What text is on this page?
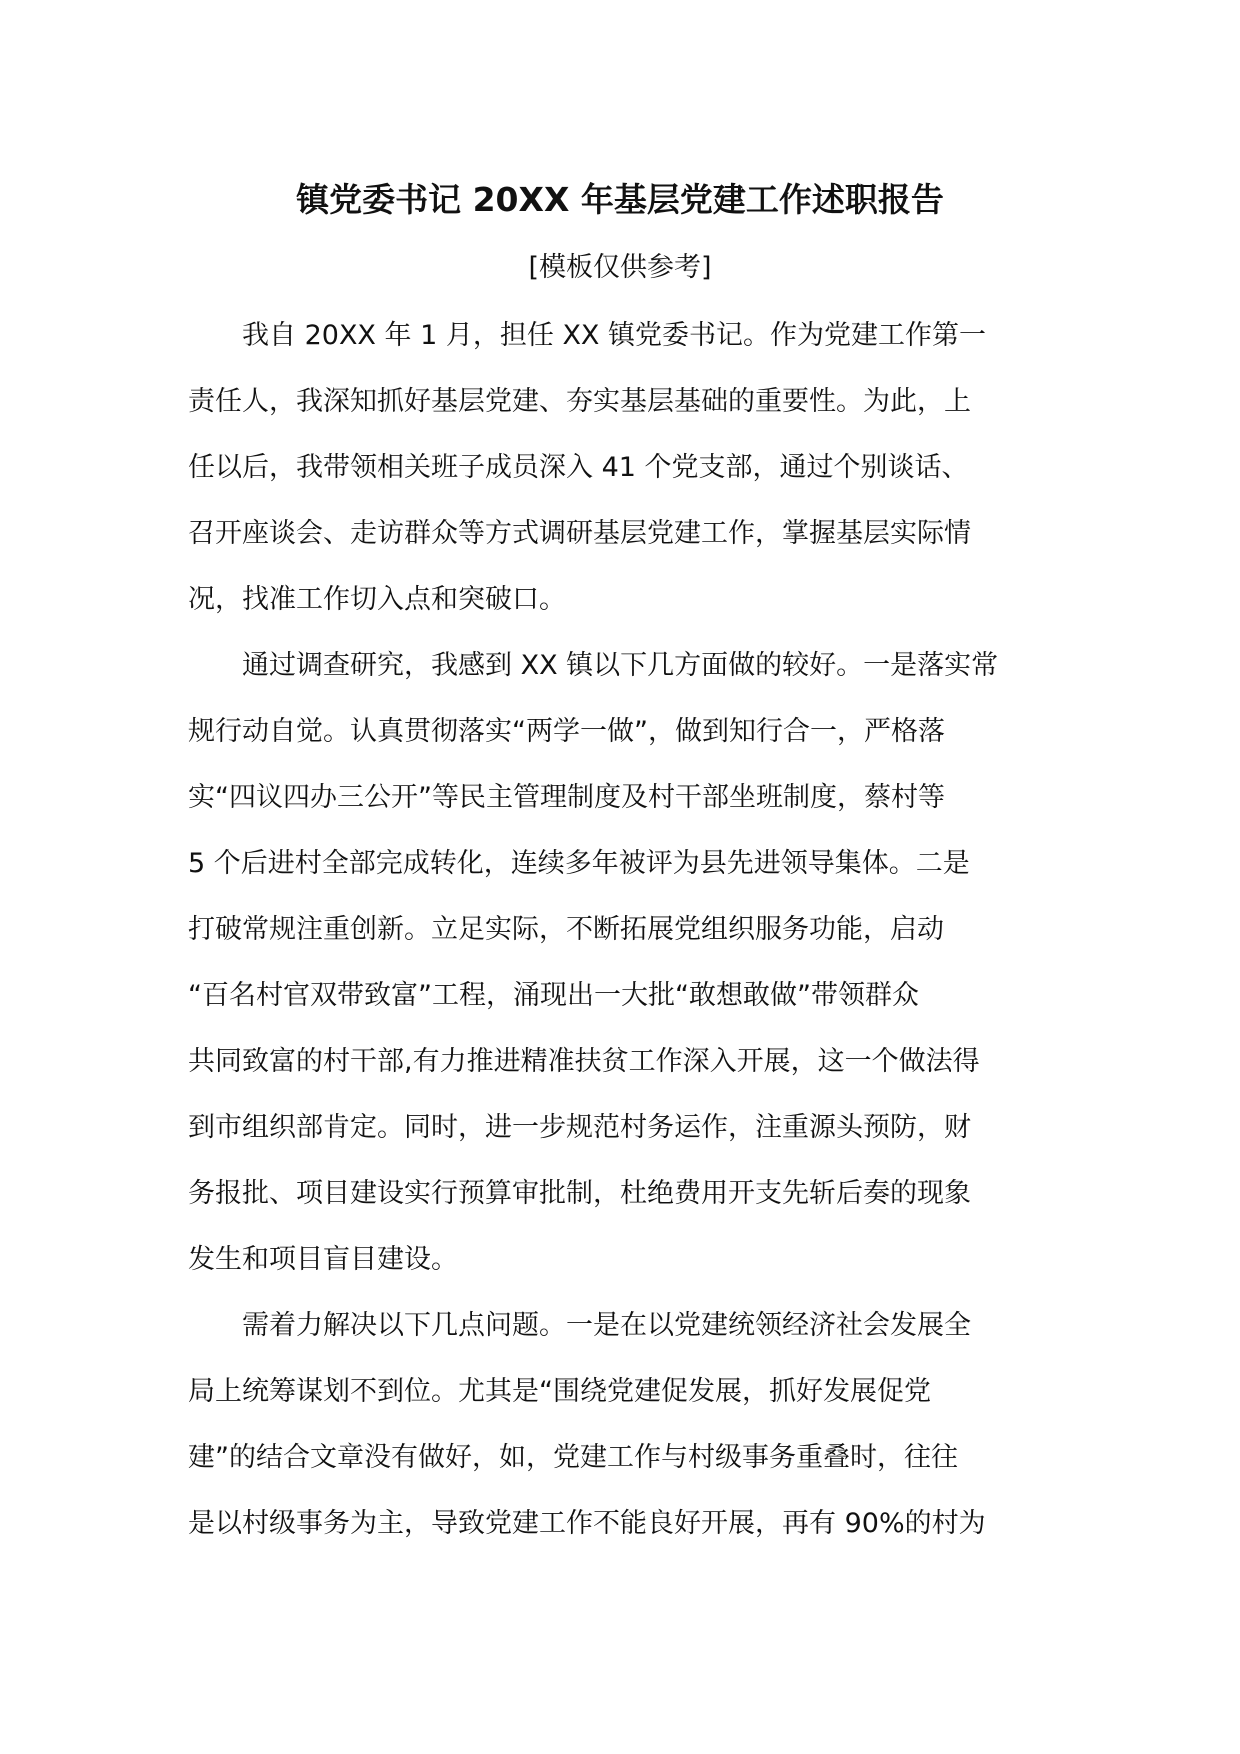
镇党委书记 20XX 年基层党建工作述职报告
[模板仅供参考]
我自 20XX 年 1 月，担任 XX 镇党委书记。作为党建工作第一
责任人，我深知抓好基层党建、夯实基层基础的重要性。为此，上
任以后，我带领相关班子成员深入 41 个党支部，通过个别谈话、
召开座谈会、走访群众等方式调研基层党建工作，掌握基层实际情
况，找准工作切入点和突破口。
通过调查研究，我感到 XX 镇以下几方面做的较好。一是落实常
规行动自觉。认真贯彻落实“两学一做”，做到知行合一，严格落
实“四议四办三公开”等民主管理制度及村干部坐班制度，蔡村等
5 个后进村全部完成转化，连续多年被评为县先进领导集体。二是
打破常规注重创新。立足实际，不断拓展党组织服务功能，启动
“百名村官双带致富”工程，涌现出一大批“敢想敢做”带领群众
共同致富的村干部,有力推进精准扶贫工作深入开展，这一个做法得
到市组织部肯定。同时，进一步规范村务运作，注重源头预防，财
务报批、项目建设实行预算审批制，杜绝费用开支先斩后奏的现象
发生和项目盲目建设。
需着力解决以下几点问题。一是在以党建统领经济社会发展全
局上统筹谋划不到位。尤其是“围绕党建促发展，抓好发展促党
建”的结合文章没有做好，如，党建工作与村级事务重叠时，往往
是以村级事务为主，导致党建工作不能良好开展，再有 90%的村为
